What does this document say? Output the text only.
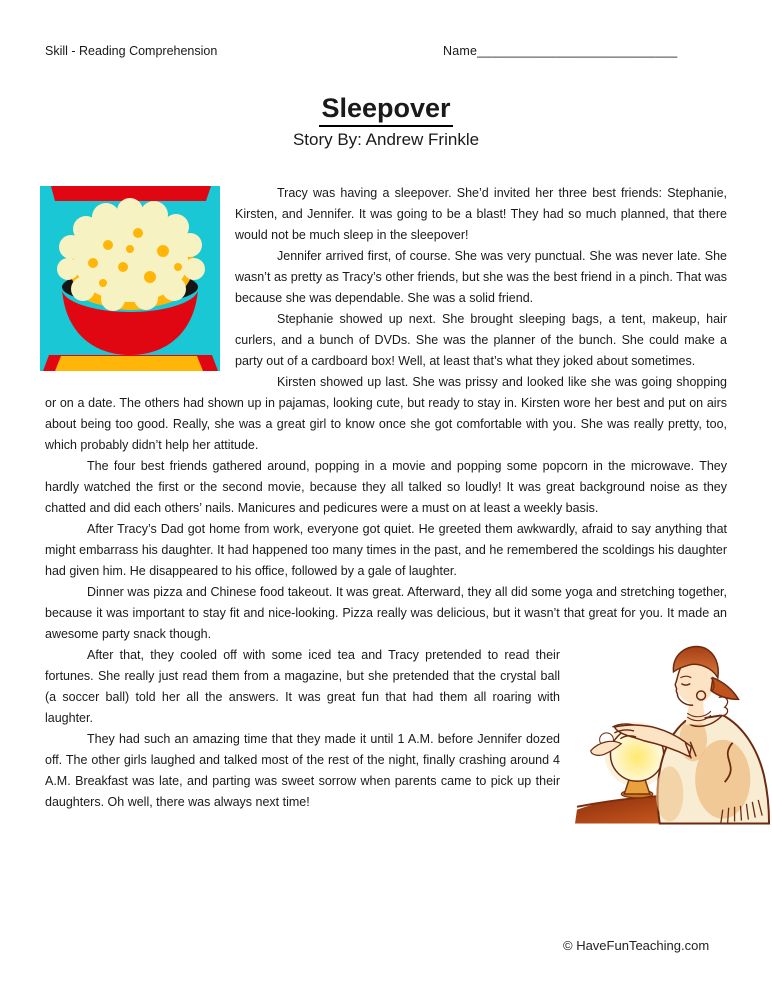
Skill - Reading Comprehension	Name____________________________
Sleepover
Story By: Andrew Frinkle

Tracy was having a sleepover. She’d invited her three best friends: Stephanie, Kirsten, and Jennifer. It was going to be a blast! They had so much planned, that there would not be much sleep in the sleepover!

Jennifer arrived first, of course. She was very punctual. She was never late. She wasn’t as pretty as Tracy’s other friends, but she was the best friend in a pinch. That was because she was dependable. She was a solid friend.

Stephanie showed up next. She brought sleeping bags, a tent, makeup, hair curlers, and a bunch of DVDs. She was the planner of the bunch. She could make a party out of a cardboard box! Well, at least that’s what they joked about sometimes.

Kirsten showed up last. She was prissy and looked like she was going shopping or on a date. The others had shown up in pajamas, looking cute, but ready to stay in. Kirsten wore her best and put on airs about being too good. Really, she was a great girl to know once she got comfortable with you. She was really pretty, too, which probably didn’t help her attitude.

The four best friends gathered around, popping in a movie and popping some popcorn in the microwave. They hardly watched the first or the second movie, because they all talked so loudly! It was great background noise as they chatted and did each others’ nails. Manicures and pedicures were a must on at least a weekly basis.

After Tracy’s Dad got home from work, everyone got quiet. He greeted them awkwardly, afraid to say anything that might embarrass his daughter. It had happened too many times in the past, and he remembered the scoldings his daughter had given him. He disappeared to his office, followed by a gale of laughter.

Dinner was pizza and Chinese food takeout. It was great. Afterward, they all did some yoga and stretching together, because it was important to stay fit and nice-looking. Pizza really was delicious, but it wasn’t that great for you. It made an awesome party snack though.

After that, they cooled off with some iced tea and Tracy pretended to read their fortunes. She really just read them from a magazine, but she pretended that the crystal ball (a soccer ball) told her all the answers. It was great fun that had them all roaring with laughter.

They had such an amazing time that they made it until 1 A.M. before Jennifer dozed off. The other girls laughed and talked most of the rest of the night, finally crashing around 4 A.M. Breakfast was late, and parting was sweet sorrow when parents came to pick up their daughters. Oh well, there was always next time!

© HaveFunTeaching.com
